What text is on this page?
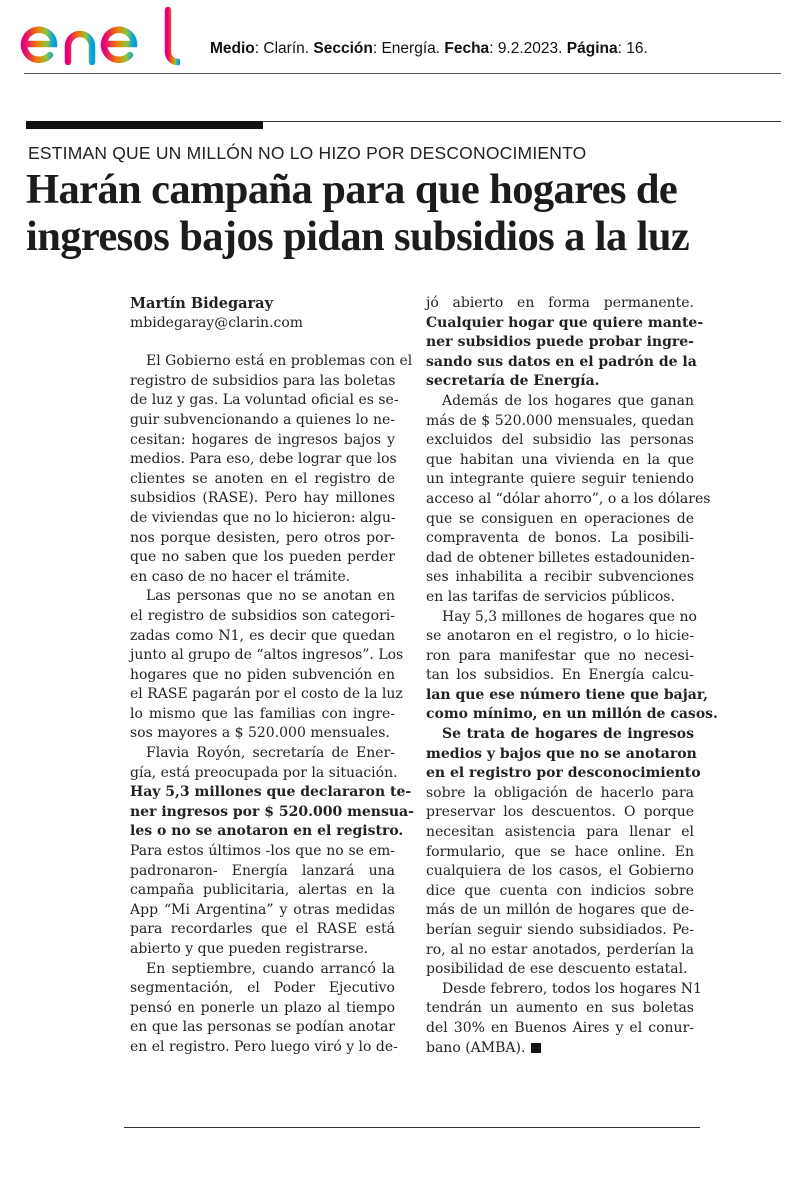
Medio: Clarín. Sección: Energía. Fecha: 9.2.2023. Página: 16.
ESTIMAN QUE UN MILLÓN NO LO HIZO POR DESCONOCIMIENTO
Harán campaña para que hogares de
ingresos bajos pidan subsidios a la luz
Martín Bidegaray
mbidegaray@clarin.com
El Gobierno está en problemas con el
registro de subsidios para las boletas
de luz y gas. La voluntad oficial es se-
guir subvencionando a quienes lo ne-
cesitan: hogares de ingresos bajos y
medios. Para eso, debe lograr que los
clientes se anoten en el registro de
subsidios (RASE). Pero hay millones
de viviendas que no lo hicieron: algu-
nos porque desisten, pero otros por-
que no saben que los pueden perder
en caso de no hacer el trámite.
Las personas que no se anotan en
el registro de subsidios son categori-
zadas como N1, es decir que quedan
junto al grupo de “altos ingresos”. Los
hogares que no piden subvención en
el RASE pagarán por el costo de la luz
lo mismo que las familias con ingre-
sos mayores a $ 520.000 mensuales.
Flavia Royón, secretaría de Ener-
gía, está preocupada por la situación.
Hay 5,3 millones que declararon te-
ner ingresos por $ 520.000 mensua-
les o no se anotaron en el registro.
Para estos últimos -los que no se em-
padronaron- Energía lanzará una
campaña publicitaria, alertas en la
App “Mi Argentina” y otras medidas
para recordarles que el RASE está
abierto y que pueden registrarse.
En septiembre, cuando arrancó la
segmentación, el Poder Ejecutivo
pensó en ponerle un plazo al tiempo
en que las personas se podían anotar
en el registro. Pero luego viró y lo de-
jó abierto en forma permanente.
Cualquier hogar que quiere mante-
ner subsidios puede probar ingre-
sando sus datos en el padrón de la
secretaría de Energía.
Además de los hogares que ganan
más de $ 520.000 mensuales, quedan
excluidos del subsidio las personas
que habitan una vivienda en la que
un integrante quiere seguir teniendo
acceso al “dólar ahorro”, o a los dólares
que se consiguen en operaciones de
compraventa de bonos. La posibili-
dad de obtener billetes estadouniden-
ses inhabilita a recibir subvenciones
en las tarifas de servicios públicos.
Hay 5,3 millones de hogares que no
se anotaron en el registro, o lo hicie-
ron para manifestar que no necesi-
tan los subsidios. En Energía calcu-
lan que ese número tiene que bajar,
como mínimo, en un millón de casos.
Se trata de hogares de ingresos
medios y bajos que no se anotaron
en el registro por desconocimiento
sobre la obligación de hacerlo para
preservar los descuentos. O porque
necesitan asistencia para llenar el
formulario, que se hace online. En
cualquiera de los casos, el Gobierno
dice que cuenta con indicios sobre
más de un millón de hogares que de-
berían seguir siendo subsidiados. Pe-
ro, al no estar anotados, perderían la
posibilidad de ese descuento estatal.
Desde febrero, todos los hogares N1
tendrán un aumento en sus boletas
del 30% en Buenos Aires y el conur-
bano (AMBA).
